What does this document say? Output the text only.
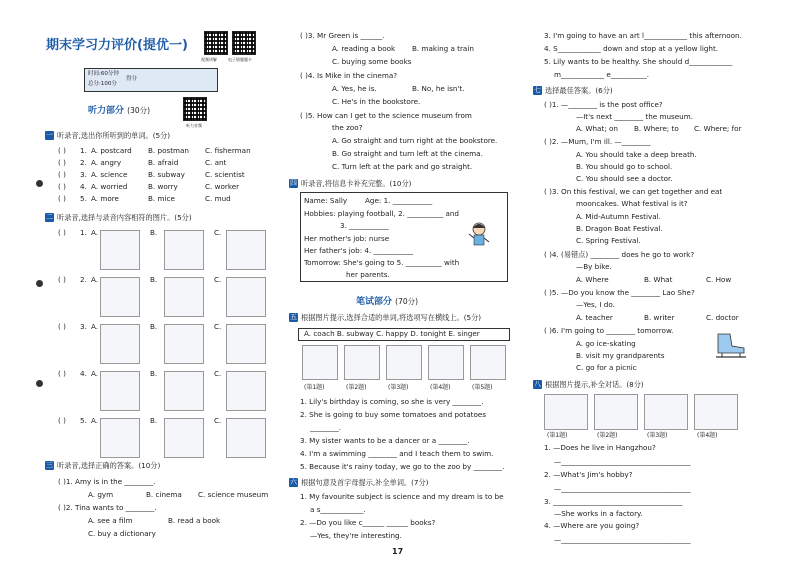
期末学习力评价(提优一)
视频讲解	电子错题题卡
时间:60分钟
总分:100分
得分
听力部分 (30分)
听力音频
一 听录音,选出你所听到的单词。(5分)
( ) 1. A. postcard B. postman C. fisherman
( ) 2. A. angry	B. afraid	C. ant
( ) 3. A. science	B. subway	C. scientist
( ) 4. A. worried	B. worry	C. worker
( ) 5. A. more	B. mice	C. mud
二 听录音,选择与录音内容相符的图片。(5分)
( ) 1. A.	B.	C.
( ) 2. A.	B.	C.
( ) 3. A.	B.	C.
( ) 4. A.	B.	C.
( ) 5. A.	B.	C.
三 听录音,选择正确的答案。(10分)
( )1. Amy is in the ________.
A. gym	B. cinema C. science museum
( )2. Tina wants to ________.
A. see a film	B. read a book
C. buy a dictionary
( )3. Mr Green is ______.
A. reading a book B. making a train
C. buying some books
( )4. Is Mike in the cinema?
A. Yes, he is.	B. No, he isn't.
C. He's in the bookstore.
( )5. How can I get to the science museum from
the zoo?
A. Go straight and turn right at the bookstore.
B. Go straight and turn left at the cinema.
C. Turn left at the park and go straight.
四 听录音,将信息卡补充完整。(10分)
Name: Sally Age: 1. ___________
Hobbies: playing football, 2. __________ and
3. ___________
Her mother's job: nurse
Her father's job: 4. ___________
Tomorrow: She's going to 5. __________ with
her parents.
笔试部分 (70分)
五 根据图片提示,选择合适的单词,将选项写在横线上。(5分)
A. coach B. subway C. happy D. tonight E. singer
(第1题)	(第2题)	(第3题)	(第4题)	(第5题)
1. Lily's birthday is coming, so she is very ________.
2. She is going to buy some tomatoes and potatoes
________.
3. My sister wants to be a dancer or a ________.
4. I'm a swimming ________ and I teach them to swim.
5. Because it's rainy today, we go to the zoo by ________.
六 根据句意及首字母提示,补全单词。(7分)
1. My favourite subject is science and my dream is to be
a s____________.
2. —Do you like c______ ______ books?
—Yes, they're interesting.
17
3. I'm going to have an art l____________ this afternoon.
4. S____________ down and stop at a yellow light.
5. Lily wants to be healthy. She should d____________
m____________ e__________.
七 选择最佳答案。(6分)
( )1. —________ is the post office?
—It's next ________ the museum.
A. What; on B. Where; to C. Where; for
( )2. —Mum, I'm ill. —________
A. You should take a deep breath.
B. You should go to school.
C. You should see a doctor.
( )3. On this festival, we can get together and eat
mooncakes. What festival is it?
A. Mid-Autumn Festival.
B. Dragon Boat Festival.
C. Spring Festival.
( )4. (易错点) ________ does he go to work?
—By bike.
A. Where	B. What	C. How
( )5. —Do you know the ________ Lao She?
—Yes, I do.
A. teacher	B. writer	C. doctor
( )6. I'm going to ________ tomorrow.
A. go ice-skating
B. visit my grandparents
C. go for a picnic
八 根据图片提示,补全对话。(8分)
(第1题)	(第2题)	(第3题)	(第4题)
1. —Does he live in Hangzhou?
—____________________________________
2. —What's Jim's hobby?
—____________________________________
3. ____________________________________
—She works in a factory.
4. —Where are you going?
—____________________________________
